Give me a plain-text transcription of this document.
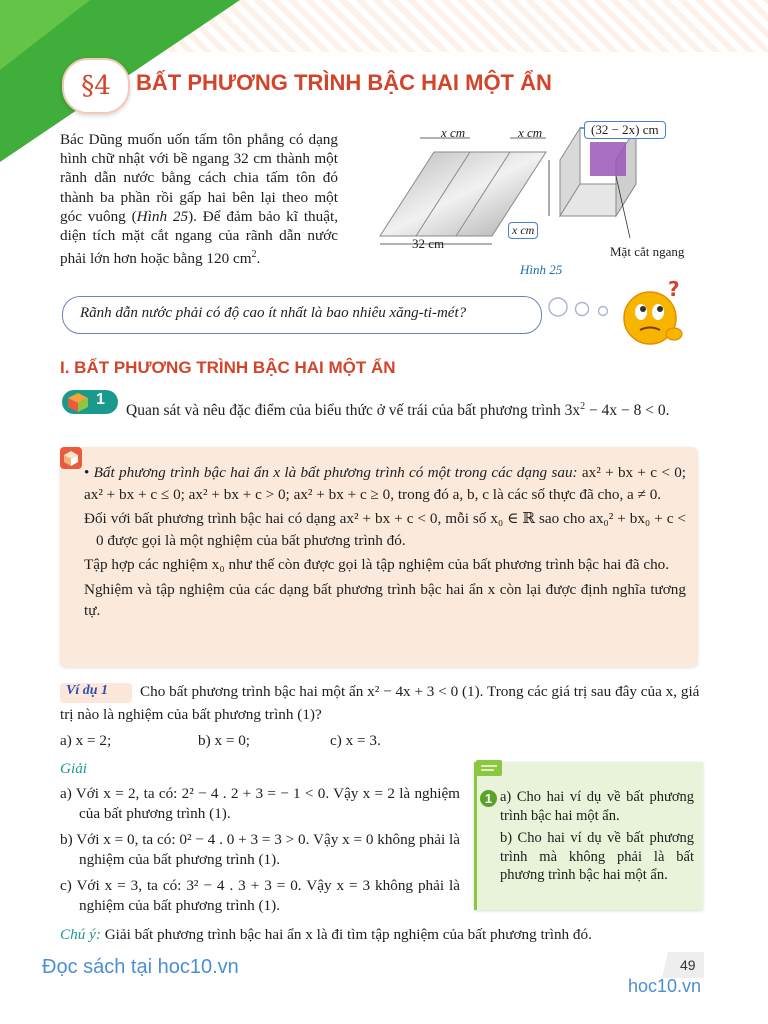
§4	BẤT PHƯƠNG TRÌNH BẬC HAI MỘT ẨN
Bác Dũng muốn uốn tấm tôn phẳng có dạng hình chữ nhật với bề ngang 32 cm thành một rãnh dẫn nước bằng cách chia tấm tôn đó thành ba phần rồi gấp hai bên lại theo một góc vuông (Hình 25). Để đảm bảo kĩ thuật, diện tích mặt cắt ngang của rãnh dẫn nước phải lớn hơn hoặc bằng 120 $cm^2$.
x cm	x cm
32 cm
(32 − 2x) cm
x cm
Mặt cắt ngang
Hình 25
Rãnh dẫn nước phải có độ cao ít nhất là bao nhiêu xăng-ti-mét?
?
I. BẤT PHƯƠNG TRÌNH BẬC HAI MỘT ẨN
1
Quan sát và nêu đặc điểm của biểu thức ở vế trái của bất phương trình $3x^2 - 4x - 8 < 0$.

• Bất phương trình bậc hai ẩn x là bất phương trình có một trong các dạng sau: ax² + bx + c < 0; ax² + bx + c ≤ 0; ax² + bx + c > 0; ax² + bx + c ≥ 0, trong đó a, b, c là các số thực đã cho, a ≠ 0.

Đối với bất phương trình bậc hai có dạng ax² + bx + c < 0, mỗi số x₀ ∈ ℝ sao cho ax₀² + bx₀ + c < 0 được gọi là một nghiệm của bất phương trình đó.

Tập hợp các nghiệm x₀ như thế còn được gọi là tập nghiệm của bất phương trình bậc hai đã cho.

Nghiệm và tập nghiệm của các dạng bất phương trình bậc hai ẩn x còn lại được định nghĩa tương tự.

Ví dụ 1	Cho bất phương trình bậc hai một ẩn x² − 4x + 3 < 0 (1). Trong các giá trị sau đây của x, giá trị nào là nghiệm của bất phương trình (1)?
a) x = 2;	b) x = 0;	c) x = 3.
Giải

a) Với x = 2, ta có: 2² − 4 . 2 + 3 = − 1 < 0. Vậy x = 2 là nghiệm của bất phương trình (1).

b) Với x = 0, ta có: 0² − 4 . 0 + 3 = 3 > 0. Vậy x = 0 không phải là nghiệm của bất phương trình (1).

c) Với x = 3, ta có: 3² − 4 . 3 + 3 = 0. Vậy x = 3 không phải là nghiệm của bất phương trình (1).

1 a) Cho hai ví dụ về bất phương trình bậc hai một ẩn.

b) Cho hai ví dụ về bất phương trình mà không phải là bất phương trình bậc hai một ẩn.

Chú ý: Giải bất phương trình bậc hai ẩn x là đi tìm tập nghiệm của bất phương trình đó.
Đọc sách tại hoc10.vn	49
hoc10.vn
